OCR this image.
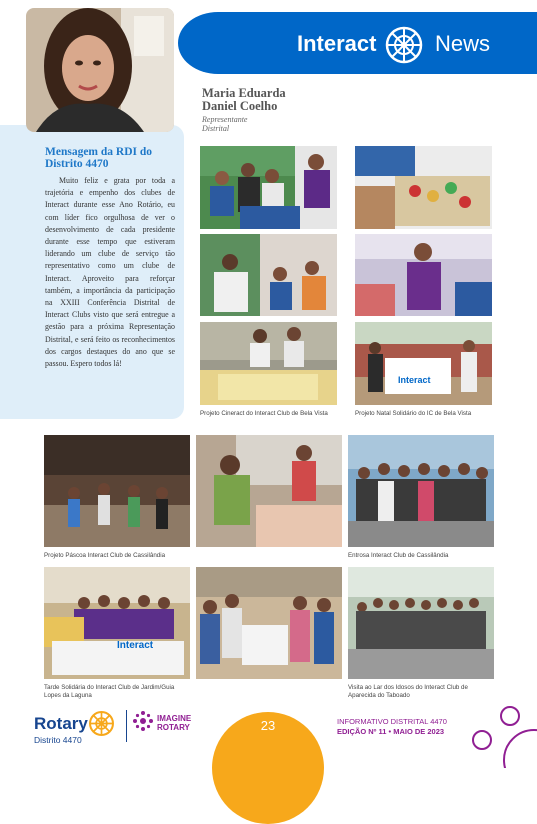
Interact	News
Mensagem da RDI do Distrito 4470
Muito feliz e grata por toda a trajetória e empenho dos clubes de Interact durante esse Ano Rotário, eu com líder fico orgulhosa de ver o desenvolvimento de cada presidente durante esse tempo que estiveram liderando um clube de serviço tão representativo como um clube de Interact. Aproveito para reforçar também, a importância da participação na XXIII Conferência Distrital de Interact Clubs visto que será entregue a gestão para a próxima Representação Distrital, e será feito os reconhecimentos dos cargos destaques do ano que se passou. Espero todos lá!
Maria Eduarda
Daniel Coelho
Representante
Distrital
Interact
Projeto Cineract do Interact Club de Bela Vista	Projeto Natal Solidário do IC de Bela Vista
Projeto Páscoa Interact Club de Cassilândia	Entrosa Interact Club de Cassilândia
Interact
Tarde Solidária do Interact Club de Jardim/Guia
Lopes da Laguna
Visita ao Lar dos Idosos do Interact Club de
Aparecida do Taboado
Rotary
Distrito 4470
IMAGINE
ROTARY	23	INFORMATIVO DISTRITAL 4470
EDIÇÃO Nº 11 • MAIO DE 2023
